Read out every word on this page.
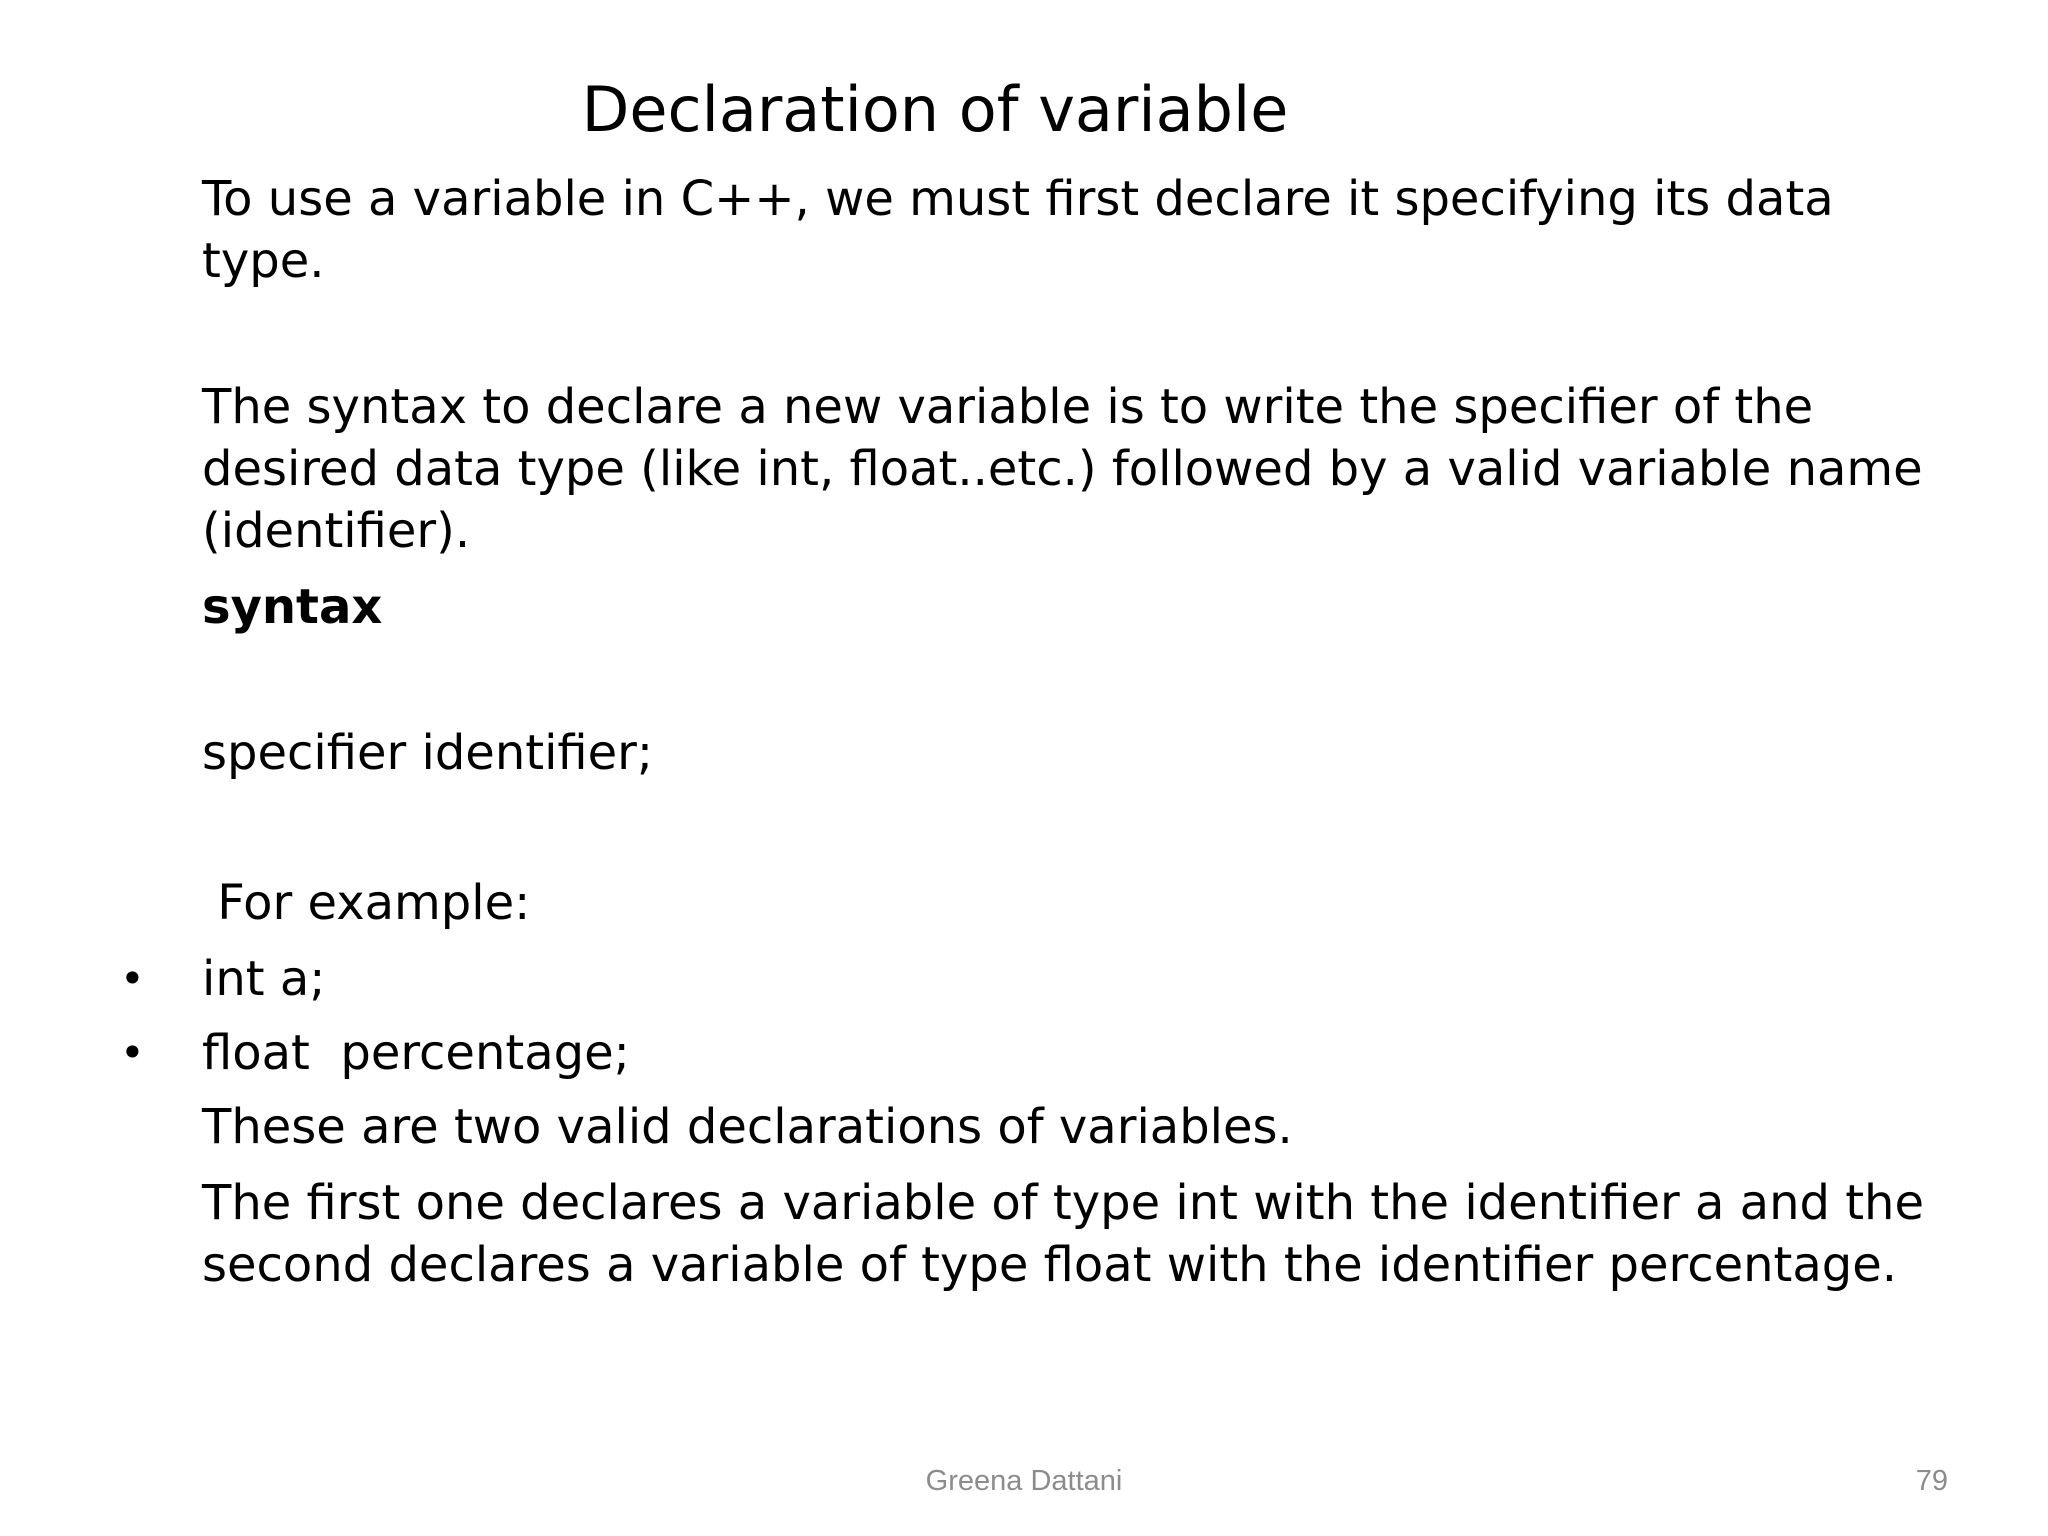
Declaration of variable
To use a variable in C++, we must first declare it specifying its data type.
The syntax to declare a new variable is to write the specifier of the desired data type (like int, float..etc.) followed by a valid variable name (identifier).
syntax
specifier identifier;
For example:
• int a;
• float  percentage;
These are two valid declarations of variables.
The first one declares a variable of type int with the identifier a and the second declares a variable of type float with the identifier percentage.
Greena Dattani	79
